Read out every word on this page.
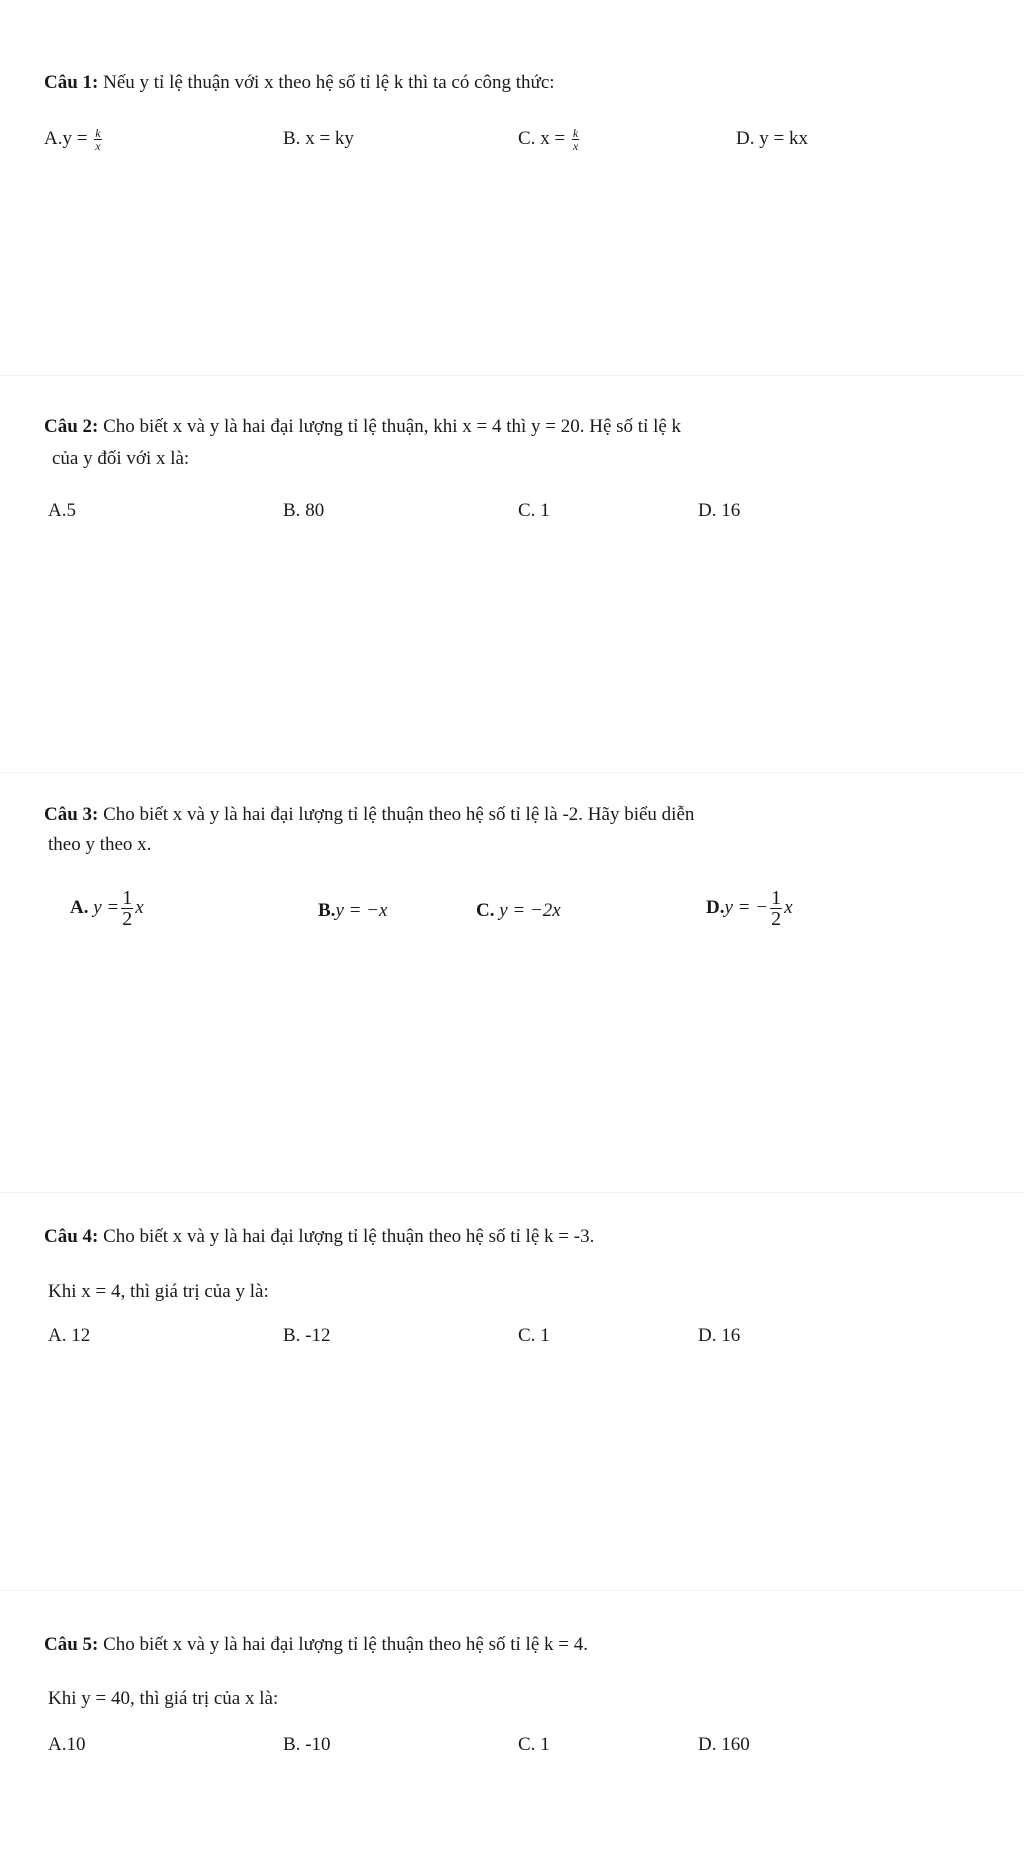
Câu 1: Nếu y tỉ lệ thuận với x theo hệ số tỉ lệ k thì ta có công thức:
$A.y = \frac{k}{x}$	B. x = ky	C. $x = \frac{k}{x}$	D. y = kx
Câu 2: Cho biết x và y là hai đại lượng tỉ lệ thuận, khi x = 4 thì y = 20. Hệ số tỉ lệ k
của y đối với x là:
A.5	B. 80	C. 1	D. 16
Câu 3: Cho biết x và y là hai đại lượng tỉ lệ thuận theo hệ số tỉ lệ là -2. Hãy biểu diễn
theo y theo x.
A. $y = \frac{1}{2}$ x	B.y = −x	C. y = −2x	D.y = − $\frac{1}{2}$ x
Câu 4: Cho biết x và y là hai đại lượng tỉ lệ thuận theo hệ số tỉ lệ k = -3.
Khi x = 4, thì giá trị của y là:
A. 12	B. -12	C. 1	D. 16
Câu 5: Cho biết x và y là hai đại lượng tỉ lệ thuận theo hệ số tỉ lệ k = 4.
Khi y = 40, thì giá trị của x là:
A.10	B. -10	C. 1	D. 160
